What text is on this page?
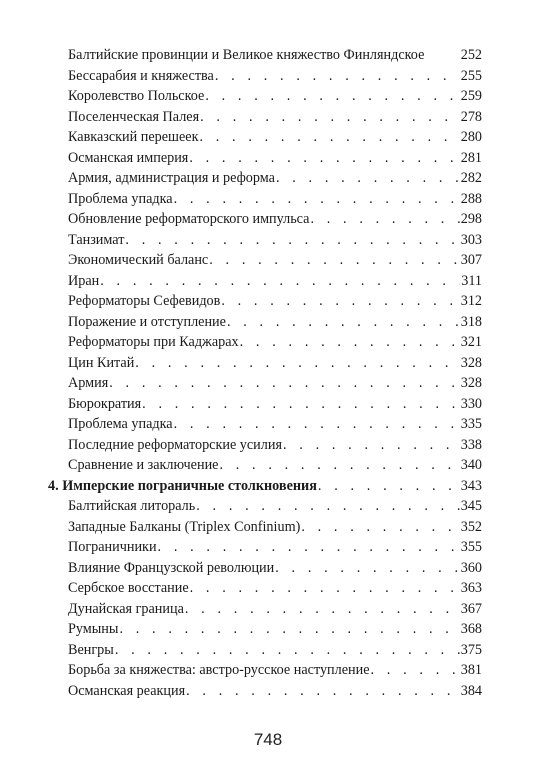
Балтийские провинции и Великое княжество Финляндское	252
Бессарабия и княжества . . .	255
Королевство Польское . . .	259
Поселенческая Палея . . .	278
Кавказский перешеек . . .	280
Османская империя . . .	281
Армия, администрация и реформа . . .	282
Проблема упадка . . .	288
Обновление реформаторского импульса . . .	298
Танзимат . . .	303
Экономический баланс . . .	307
Иран . . .	311
Реформаторы Сефевидов . . .	312
Поражение и отступление . . .	318
Реформаторы при Каджарах . . .	321
Цин Китай . . .	328
Армия . . .	328
Бюрократия . . .	330
Проблема упадка . . .	335
Последние реформаторские усилия . . .	338
Сравнение и заключение . . .	340
4. Имперские пограничные столкновения . . .	343
Балтийская литораль . . .	345
Западные Балканы (Triplex Confinium) . . .	352
Пограничники . . .	355
Влияние Французской революции . . .	360
Сербское восстание . . .	363
Дунайская граница . . .	367
Румыны . . .	368
Венгры . . .	375
Борьба за княжества: австро-русское наступление . . .	381
Османская реакция . . .	384
748
